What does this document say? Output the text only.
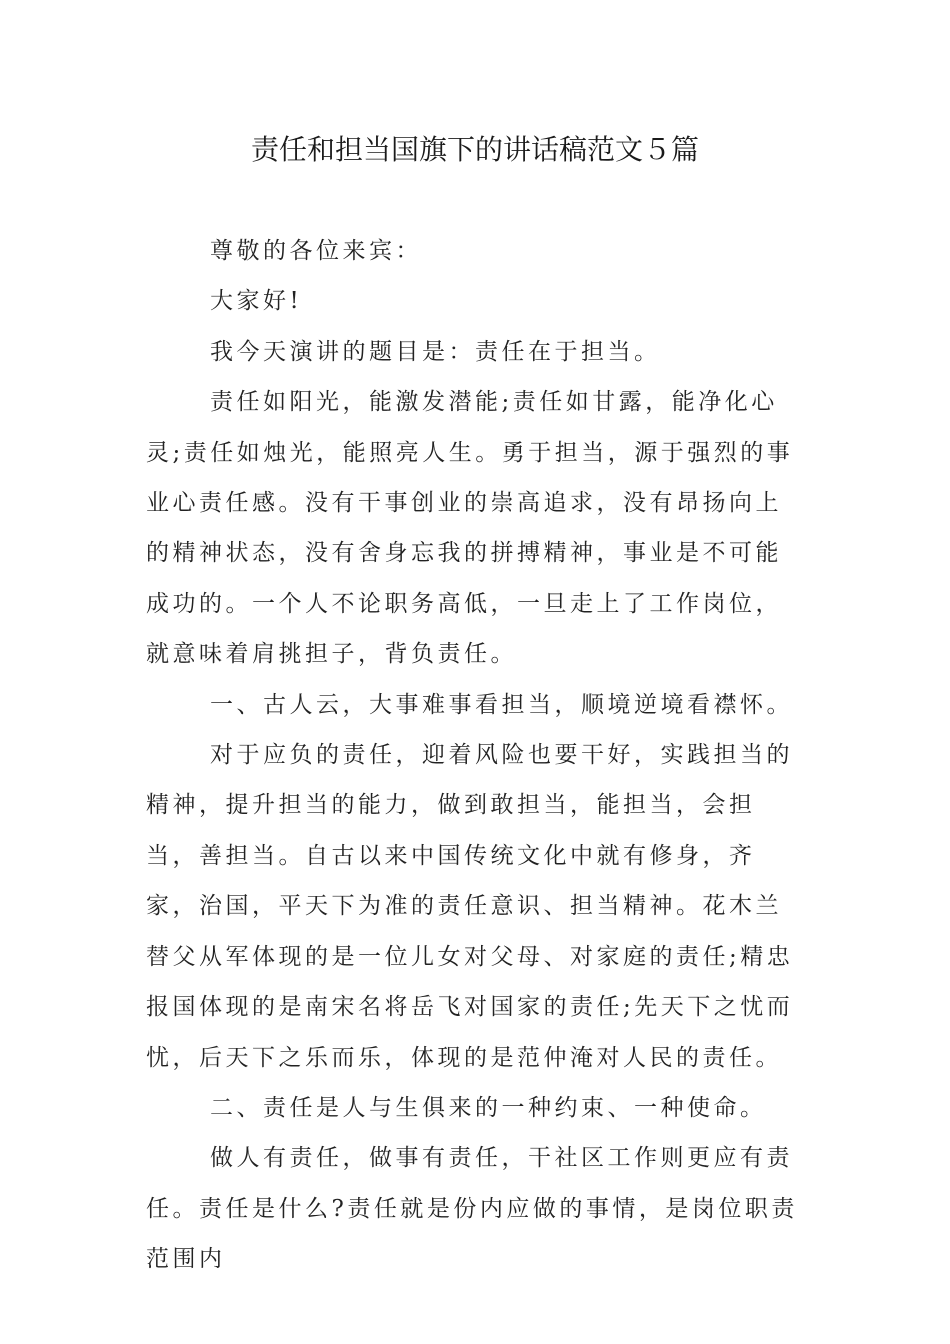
责任和担当国旗下的讲话稿范文５篇

尊敬的各位来宾：

大家好!

我今天演讲的题目是：责任在于担当。

责任如阳光，能激发潜能;责任如甘露，能净化心灵;责任如烛光，能照亮人生。勇于担当，源于强烈的事业心责任感。没有干事创业的崇高追求，没有昂扬向上的精神状态，没有舍身忘我的拼搏精神，事业是不可能成功的。一个人不论职务高低，一旦走上了工作岗位，就意味着肩挑担子，背负责任。

一、古人云，大事难事看担当，顺境逆境看襟怀。

对于应负的责任，迎着风险也要干好，实践担当的精神，提升担当的能力，做到敢担当，能担当，会担当，善担当。自古以来中国传统文化中就有修身，齐家，治国，平天下为准的责任意识、担当精神。花木兰替父从军体现的是一位儿女对父母、对家庭的责任;精忠报国体现的是南宋名将岳飞对国家的责任;先天下之忧而忧，后天下之乐而乐，体现的是范仲淹对人民的责任。

二、责任是人与生俱来的一种约束、一种使命。

做人有责任，做事有责任，干社区工作则更应有责任。责任是什么?责任就是份内应做的事情，是岗位职责范围内
